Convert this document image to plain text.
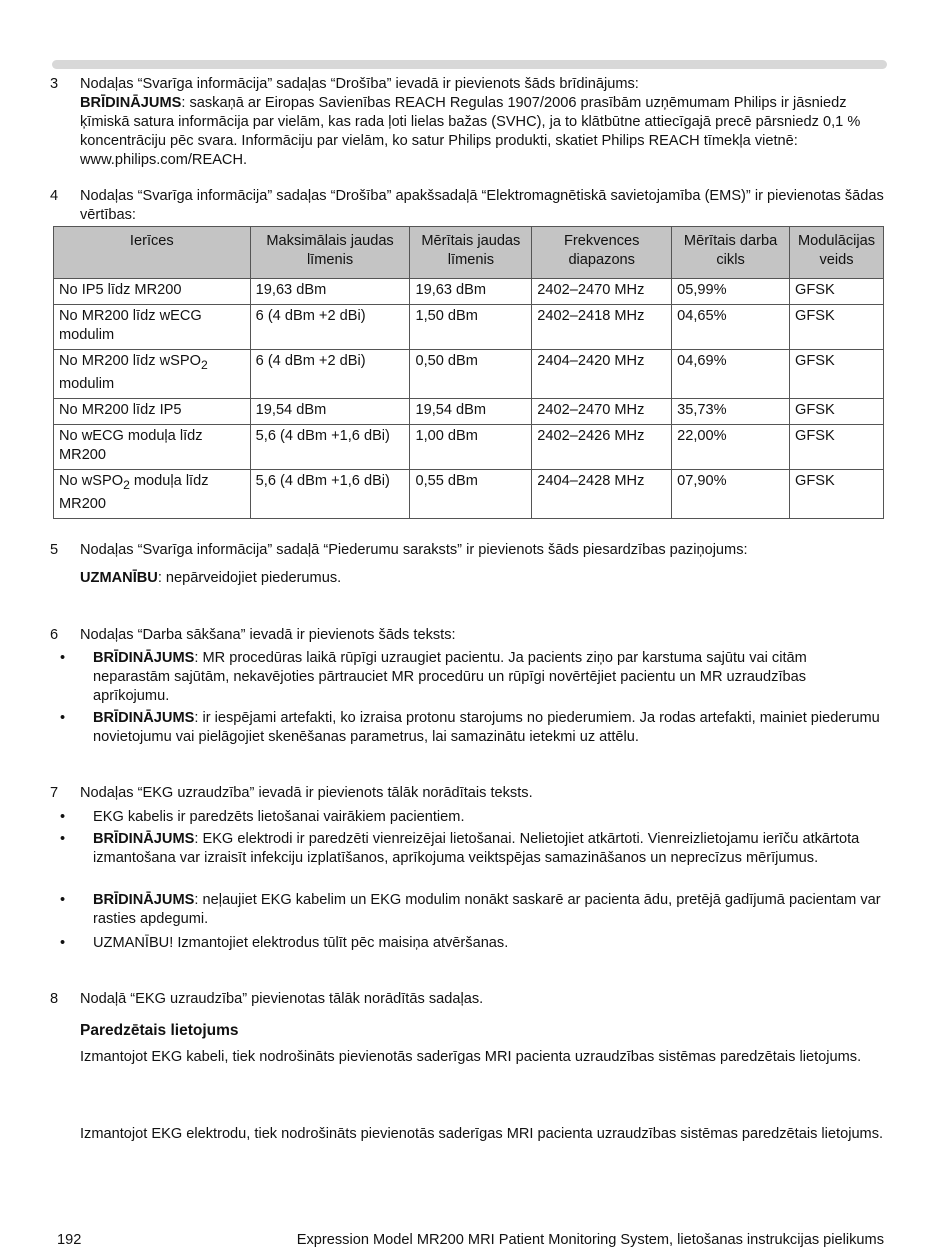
3 Nodaļas “Svarīga informācija” sadaļas “Drošība” ievadā ir pievienots šāds brīdinājums:
BRĪDINĀJUMS: saskaņā ar Eiropas Savienības REACH Regulas 1907/2006 prasībām uzņēmumam Philips ir jāsniedz ķīmiskā satura informācija par vielām, kas rada ļoti lielas bažas (SVHC), ja to klātbūtne attiecīgajā precē pārsniedz 0,1 % koncentrāciju pēc svara. Informāciju par vielām, ko satur Philips produkti, skatiet Philips REACH tīmekļa vietnē: www.philips.com/REACH.
4 Nodaļas “Svarīga informācija” sadaļas “Drošība” apakšsadaļā “Elektromagnētiskā savietojamība (EMS)” ir pievienotas šādas vērtības:
Ierīces	Maksimālais jaudas līmenis	Mērītais jaudas līmenis	Frekvences diapazons	Mērītais darba cikls	Modulācijas veids
No IP5 līdz MR200	19,63 dBm	19,63 dBm	2402–2470 MHz	05,99%	GFSK
No MR200 līdz wECG modulim	6 (4 dBm +2 dBi)	1,50 dBm	2402–2418 MHz	04,65%	GFSK
No MR200 līdz wSPO$_2$ modulim	6 (4 dBm +2 dBi)	0,50 dBm	2404–2420 MHz	04,69%	GFSK
No MR200 līdz IP5	19,54 dBm	19,54 dBm	2402–2470 MHz	35,73%	GFSK
No wECG moduļa līdz MR200	5,6 (4 dBm +1,6 dBi)	1,00 dBm	2402–2426 MHz	22,00%	GFSK
No wSPO$_2$ moduļa līdz MR200	5,6 (4 dBm +1,6 dBi)	0,55 dBm	2404–2428 MHz	07,90%	GFSK
5 Nodaļas “Svarīga informācija” sadaļā “Piederumu saraksts” ir pievienots šāds piesardzības paziņojums:
UZMANĪBU: nepārveidojiet piederumus.
6 Nodaļas “Darba sākšana” ievadā ir pievienots šāds teksts:
• BRĪDINĀJUMS: MR procedūras laikā rūpīgi uzraugiet pacientu. Ja pacients ziņo par karstuma sajūtu vai citām neparastām sajūtām, nekavējoties pārtrauciet MR procedūru un rūpīgi novērtējiet pacientu un MR uzraudzības aprīkojumu.
• BRĪDINĀJUMS: ir iespējami artefakti, ko izraisa protonu starojums no piederumiem. Ja rodas artefakti, mainiet piederumu novietojumu vai pielāgojiet skenēšanas parametrus, lai samazinātu ietekmi uz attēlu.
7 Nodaļas “EKG uzraudzība” ievadā ir pievienots tālāk norādītais teksts.
• EKG kabelis ir paredzēts lietošanai vairākiem pacientiem.
• BRĪDINĀJUMS: EKG elektrodi ir paredzēti vienreizējai lietošanai. Nelietojiet atkārtoti. Vienreizlietojamu ierīču atkārtota izmantošana var izraisīt infekciju izplatīšanos, aprīkojuma veiktspējas samazināšanos un neprecīzus mērījumus.
• BRĪDINĀJUMS: neļaujiet EKG kabelim un EKG modulim nonākt saskarē ar pacienta ādu, pretējā gadījumā pacientam var rasties apdegumi.
• UZMANĪBU! Izmantojiet elektrodus tūlīt pēc maisiņa atvēršanas.
8 Nodaļā “EKG uzraudzība” pievienotas tālāk norādītās sadaļas.
Paredzētais lietojums
Izmantojot EKG kabeli, tiek nodrošināts pievienotās saderīgas MRI pacienta uzraudzības sistēmas paredzētais lietojums.
Izmantojot EKG elektrodu, tiek nodrošināts pievienotās saderīgas MRI pacienta uzraudzības sistēmas paredzētais lietojums.
192	Expression Model MR200 MRI Patient Monitoring System, lietošanas instrukcijas pielikums
